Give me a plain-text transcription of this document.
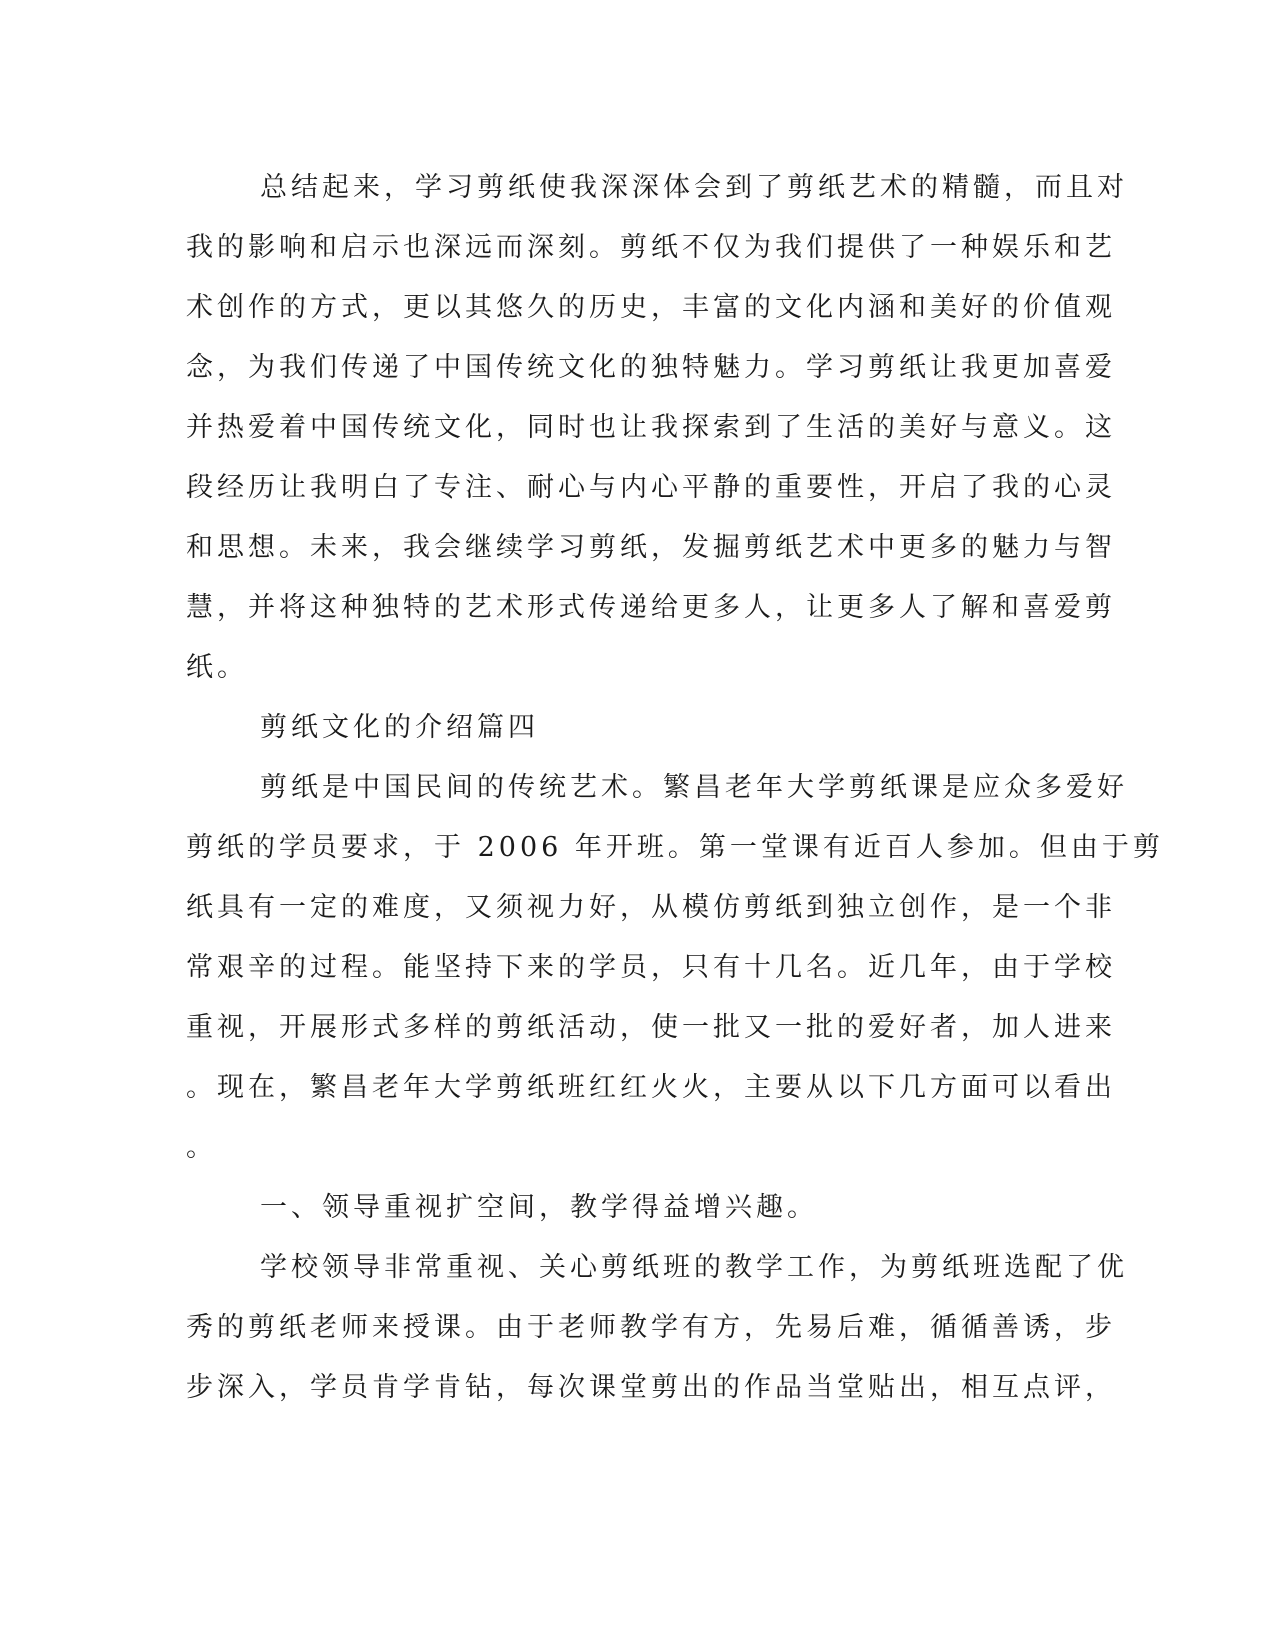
总结起来，学习剪纸使我深深体会到了剪纸艺术的精髓，而且对
我的影响和启示也深远而深刻。剪纸不仅为我们提供了一种娱乐和艺
术创作的方式，更以其悠久的历史，丰富的文化内涵和美好的价值观
念，为我们传递了中国传统文化的独特魅力。学习剪纸让我更加喜爱
并热爱着中国传统文化，同时也让我探索到了生活的美好与意义。这
段经历让我明白了专注、耐心与内心平静的重要性，开启了我的心灵
和思想。未来，我会继续学习剪纸，发掘剪纸艺术中更多的魅力与智
慧，并将这种独特的艺术形式传递给更多人，让更多人了解和喜爱剪
纸。
剪纸文化的介绍篇四
剪纸是中国民间的传统艺术。繁昌老年大学剪纸课是应众多爱好
剪纸的学员要求，于 2006 年开班。第一堂课有近百人参加。但由于剪
纸具有一定的难度，又须视力好，从模仿剪纸到独立创作，是一个非
常艰辛的过程。能坚持下来的学员，只有十几名。近几年，由于学校
重视，开展形式多样的剪纸活动，使一批又一批的爱好者，加人进来
。现在，繁昌老年大学剪纸班红红火火，主要从以下几方面可以看出
。
一、领导重视扩空间，教学得益增兴趣。
学校领导非常重视、关心剪纸班的教学工作，为剪纸班选配了优
秀的剪纸老师来授课。由于老师教学有方，先易后难，循循善诱，步
步深入，学员肯学肯钻，每次课堂剪出的作品当堂贴出，相互点评，
